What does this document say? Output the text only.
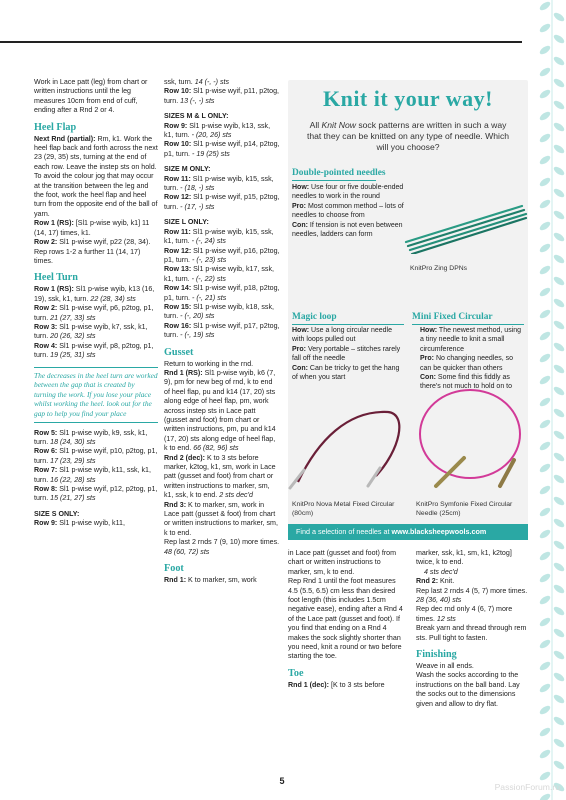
Work in Lace patt (leg) from chart or written instructions until the leg measures 10cm from end of cuff, ending after a Rnd 2 or 4.

Heel Flap

Next Rnd (partial): Rm, k1. Work the heel flap back and forth across the next 23 (29, 35) sts, turning at the end of each row. Leave the instep sts on hold.

To avoid the colour jog that may occur at the transition between the leg and the foot, work the heel flap and heel turn from the opposite end of the ball of yarn.

Row 1 (RS): [Sl1 p-wise wyib, k1] 11 (14, 17) times, k1.

Row 2: Sl1 p-wise wyif, p22 (28, 34).

Rep rows 1-2 a further 11 (14, 17) times.

Heel Turn

Row 1 (RS): Sl1 p-wise wyib, k13 (16, 19), ssk, k1, turn. 22 (28, 34) sts

Row 2: Sl1 p-wise wyif, p6, p2tog, p1, turn. 21 (27, 33) sts

Row 3: Sl1 p-wise wyib, k7, ssk, k1, turn. 20 (26, 32) sts

Row 4: Sl1 p-wise wyif, p8, p2tog, p1, turn. 19 (25, 31) sts

The decreases in the heel turn are worked between the gap that is created by turning the work. If you lose your place whilst working the heel. look out for the gap to help you find your place

Row 5: Sl1 p-wise wyib, k9, ssk, k1, turn. 18 (24, 30) sts

Row 6: Sl1 p-wise wyif, p10, p2tog, p1, turn. 17 (23, 29) sts

Row 7: Sl1 p-wise wyib, k11, ssk, k1, turn. 16 (22, 28) sts

Row 8: Sl1 p-wise wyif, p12, p2tog, p1, turn. 15 (21, 27) sts

SIZE S ONLY:

Row 9: Sl1 p-wise wyib, k11,

ssk, turn. 14 (-, -) sts

Row 10: Sl1 p-wise wyif, p11, p2tog, turn. 13 (-, -) sts

SIZES M & L ONLY:

Row 9: Sl1 p-wise wyib, k13, ssk, k1, turn. - (20, 26) sts

Row 10: Sl1 p-wise wyif, p14, p2tog, p1, turn. - 19 (25) sts

SIZE M ONLY:

Row 11: Sl1 p-wise wyib, k15, ssk, turn. - (18, -) sts

Row 12: Sl1 p-wise wyif, p15, p2tog, turn. - (17, -) sts

SIZE L ONLY:

Row 11: Sl1 p-wise wyib, k15, ssk, k1, turn. - (-, 24) sts

Row 12: Sl1 p-wise wyif, p16, p2tog, p1, turn. - (-, 23) sts

Row 13: Sl1 p-wise wyib, k17, ssk, k1, turn. - (-, 22) sts

Row 14: Sl1 p-wise wyif, p18, p2tog, p1, turn. - (-, 21) sts

Row 15: Sl1 p-wise wyib, k18, ssk, turn. - (-, 20) sts

Row 16: Sl1 p-wise wyif, p17, p2tog, turn. - (-, 19) sts

Gusset

Return to working in the rnd.

Rnd 1 (RS): Sl1 p-wise wyib, k6 (7, 9), pm for new beg of rnd, k to end of heel flap, pu and k14 (17, 20) sts along edge of heel flap, pm, work across instep sts in Lace patt (gusset and foot) from chart or written instructions, pm, pu and k14 (17, 20) sts along edge of heel flap, k to end. 66 (82, 96) sts

Rnd 2 (dec): K to 3 sts before marker, k2tog, k1, sm, work in Lace patt (gusset and foot) from chart or written instructions to marker, sm, k1, ssk, k to end. 2 sts dec'd

Rnd 3: K to marker, sm, work in Lace patt (gusset & foot) from chart or written instructions to marker, sm, k to end.

Rep last 2 rnds 7 (9, 10) more times. 48 (60, 72) sts

Foot

Rnd 1: K to marker, sm, work

Knit it your way!
All Knit Now sock patterns are written in such a way that they can be knitted on any type of needle. Which will you choose?
Double-pointed needles

How: Use four or five double-ended needles to work in the round

Pro: Most common method – lots of needles to choose from

Con: If tension is not even between needles, ladders can form

KnitPro Zing DPNs
Magic loop

How: Use a long circular needle with loops pulled out

Pro: Very portable – stitches rarely fall off the needle

Con: Can be tricky to get the hang of when you start

Mini Fixed Circular

How: The newest method, using a tiny needle to knit a small circumference

Pro: No changing needles, so can be quicker than others

Con: Some find this fiddly as there's not much to hold on to

KnitPro Nova Metal Fixed Circular (80cm)
KnitPro Symfonie Fixed Circular Needle (25cm)
Find a selection of needles at www.blacksheepwools.com

in Lace patt (gusset and foot) from chart or written instructions to marker, sm, k to end.

Rep Rnd 1 until the foot measures 4.5 (5.5, 6.5) cm less than desired foot length (this includes 1.5cm negative ease), ending after a Rnd 4 of the Lace patt (gusset and foot). If you find that ending on a Rnd 4 makes the sock slightly shorter than you need, knit a round or two before starting the toe.

Toe

Rnd 1 (dec): [K to 3 sts before

marker, ssk, k1, sm, k1, k2tog] twice, k to end.

4 sts dec'd

Rnd 2: Knit.

Rep last 2 rnds 4 (5, 7) more times. 28 (36, 40) sts

Rep dec rnd only 4 (6, 7) more times. 12 sts

Break yarn and thread through rem sts. Pull tight to fasten.

Finishing

Weave in all ends.

Wash the socks according to the instructions on the ball band. Lay the socks out to the dimensions given and allow to dry flat.

5
PassionForum.ru
